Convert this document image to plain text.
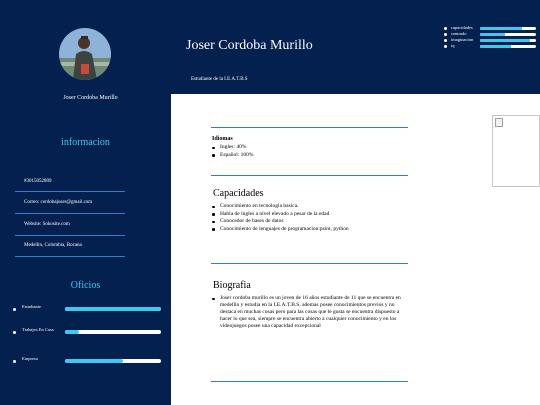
Joser Cordoba Murillo
informacion
#3015052809
Correo: cordobajoser@gmail.com
Website: Sokosite.com
Medellin, Colombia, Bocana
Oficios
Estudiante
Trabajos En Casa
Empresa
Joser Cordoba Murillo
Estudiante de la I.E.A.T.B.S
capacidades
centrado
imaginacion
iq
Idiomas
Ingles: 40%
Español: 100%
Capacidades
Conocimiento en tecnologia basica.
Habla de ingles a nivel elevado a pesar de la edad
Conocedor de bases de datos
Conocimiento de lenguajes de programacion:psint, python
Biografia
Joser cordoba murillo es un joven de 16 años estudiante de 11 que se encuentra en medellin y estudia en la I.E.A.T.B.S. ademas posee conocimientos previos y no destaca en muchas cosas pero para las cosas que le gusta se encuentra dispuesto a hacer lo que sea, siempre se encuentra abierto a cualquier conocimiento y en los videojuegos posee una capacidad excepcional
